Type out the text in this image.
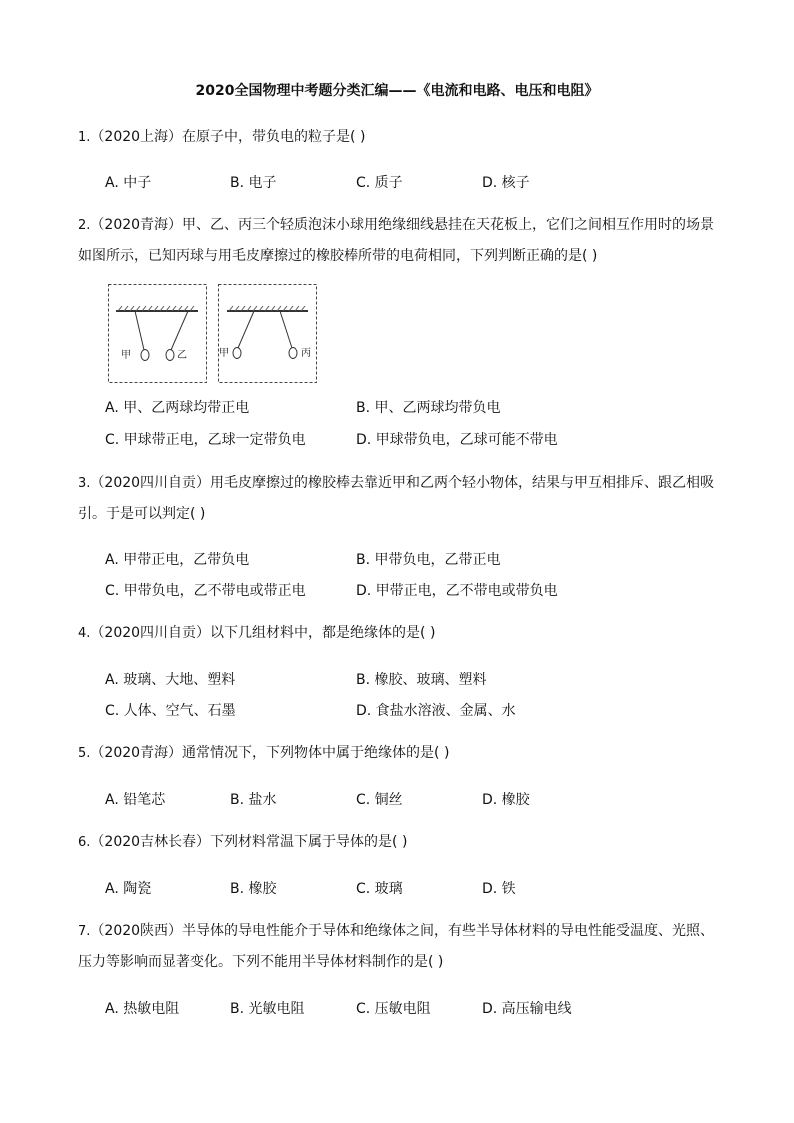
2020全国物理中考题分类汇编——《电流和电路、电压和电阻》
1.（2020上海）在原子中，带负电的粒子是( )
A. 中子	B. 电子	C. 质子	D. 核子
2.（2020青海）甲、乙、丙三个轻质泡沫小球用绝缘细线悬挂在天花板上，它们之间相互作用时的场景
如图所示，已知丙球与用毛皮摩擦过的橡胶棒所带的电荷相同，下列判断正确的是( )
甲	乙	甲	丙
A. 甲、乙两球均带正电	B. 甲、乙两球均带负电
C. 甲球带正电，乙球一定带负电	D. 甲球带负电，乙球可能不带电
3.（2020四川自贡）用毛皮摩擦过的橡胶棒去靠近甲和乙两个轻小物体，结果与甲互相排斥、跟乙相吸
引。于是可以判定( )
A. 甲带正电，乙带负电	B. 甲带负电，乙带正电
C. 甲带负电，乙不带电或带正电	D. 甲带正电，乙不带电或带负电
4.（2020四川自贡）以下几组材料中，都是绝缘体的是( )
A. 玻璃、大地、塑料	B. 橡胶、玻璃、塑料
C. 人体、空气、石墨	D. 食盐水溶液、金属、水
5.（2020青海）通常情况下，下列物体中属于绝缘体的是( )
A. 铅笔芯	B. 盐水	C. 铜丝	D. 橡胶
6.（2020吉林长春）下列材料常温下属于导体的是( )
A. 陶瓷	B. 橡胶	C. 玻璃	D. 铁
7.（2020陕西）半导体的导电性能介于导体和绝缘体之间，有些半导体材料的导电性能受温度、光照、
压力等影响而显著变化。下列不能用半导体材料制作的是( )
A. 热敏电阻	B. 光敏电阻	C. 压敏电阻	D. 高压输电线
